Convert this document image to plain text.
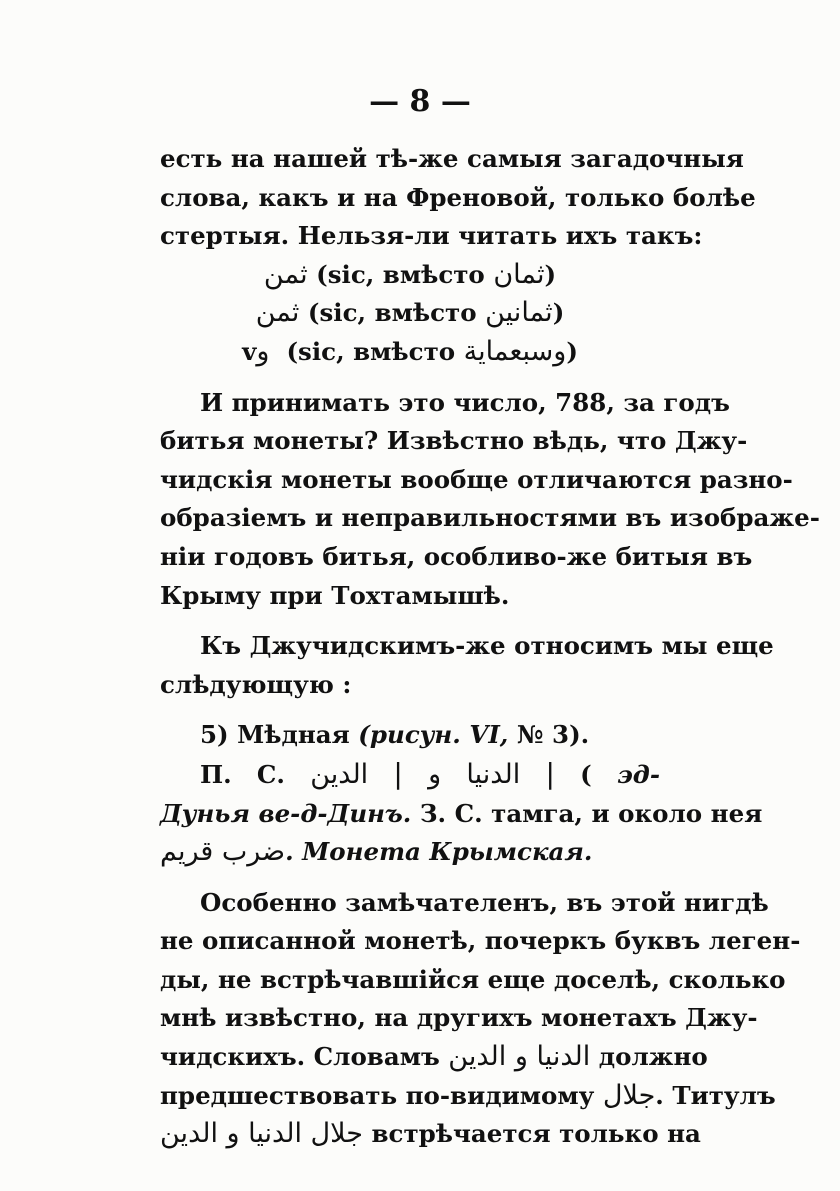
— 8 —
есть на нашей тѣ-же самыя загадочныя
слова, какъ и на Френовой, только болѣе
стертыя. Нельзя-ли читать ихъ такъ:
ثمن (sic, вмѣсто ثمان)
ثمن (sic, вмѣсто ثمانين)
vو (sic, вмѣсто وسبعماية)
И принимать это число, 788, за годъ
битья монеты? Извѣстно вѣдь, что Джу-
чидскія монеты вообще отличаются разно-
образіемъ и неправильностями въ изображе-
ніи годовъ битья, особливо-же битыя въ
Крыму при Тохтамышѣ.
Къ Джучидскимъ-же относимъ мы еще
слѣдующую :
5) Мѣдная (рисун. VI, № 3).
П. С. الدين | و الدنيا | ( эд-
Дунья ве-д-Динъ. З. С. тамга, и около нея
ضرب قريم. Монета Крымская.
Особенно замѣчателенъ, въ этой нигдѣ
не описанной монетѣ, почеркъ буквъ леген-
ды, не встрѣчавшійся еще доселѣ, сколько
мнѣ извѣстно, на другихъ монетахъ Джу-
чидскихъ. Словамъ الدنيا و الدين должно
предшествовать по-видимому جلال. Титулъ
جلال الدنيا و الدين встрѣчается только на
